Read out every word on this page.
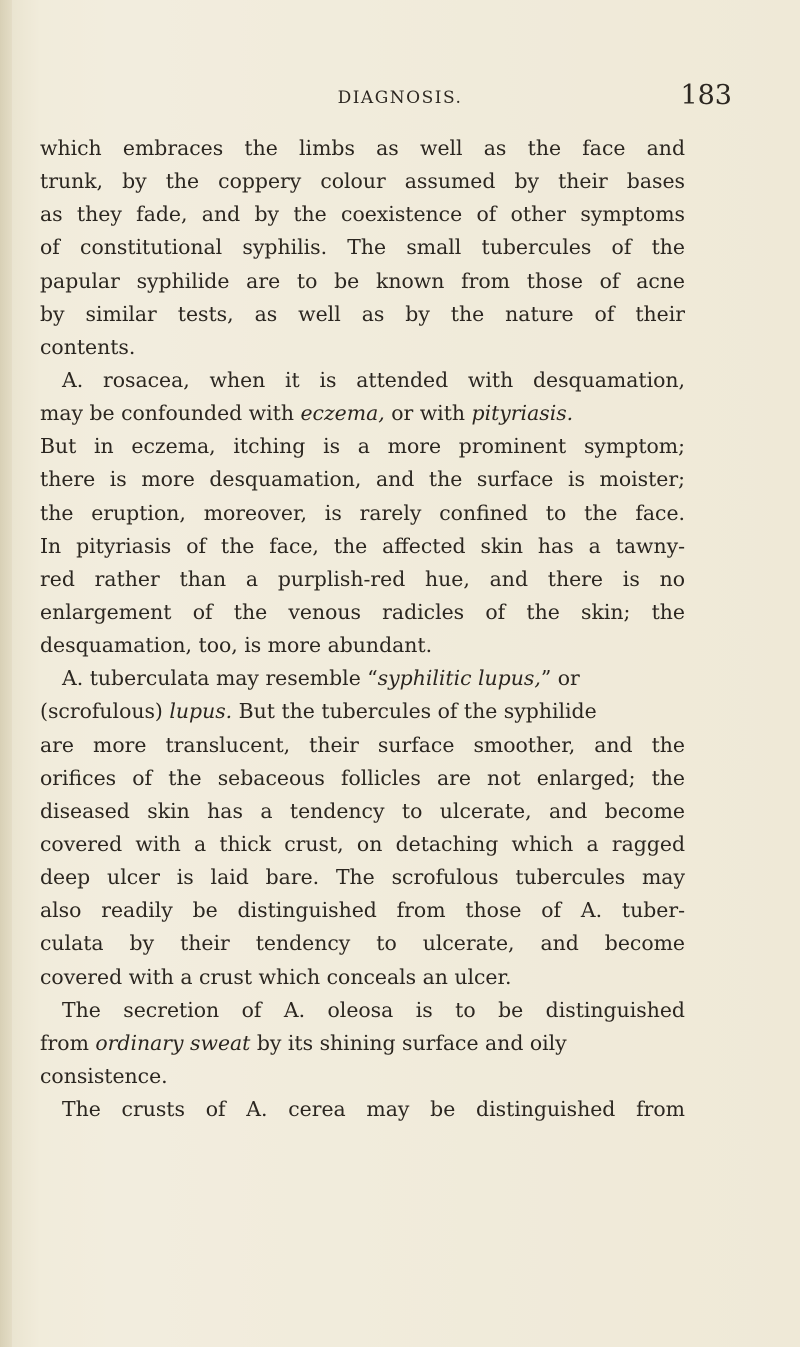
DIAGNOSIS.	183
which embraces the limbs as well as the face and
trunk, by the coppery colour assumed by their bases
as they fade, and by the coexistence of other symptoms
of constitutional syphilis. The small tubercules of the
papular syphilide are to be known from those of acne
by similar tests, as well as by the nature of their
contents.
A. rosacea, when it is attended with desquamation,
may be confounded with eczema, or with pityriasis.
But in eczema, itching is a more prominent symptom;
there is more desquamation, and the surface is moister;
the eruption, moreover, is rarely confined to the face.
In pityriasis of the face, the affected skin has a tawny-
red rather than a purplish-red hue, and there is no
enlargement of the venous radicles of the skin; the
desquamation, too, is more abundant.
A. tuberculata may resemble “syphilitic lupus,” or
(scrofulous) lupus. But the tubercules of the syphilide
are more translucent, their surface smoother, and the
orifices of the sebaceous follicles are not enlarged; the
diseased skin has a tendency to ulcerate, and become
covered with a thick crust, on detaching which a ragged
deep ulcer is laid bare. The scrofulous tubercules may
also readily be distinguished from those of A. tuber-
culata by their tendency to ulcerate, and become
covered with a crust which conceals an ulcer.
The secretion of A. oleosa is to be distinguished
from ordinary sweat by its shining surface and oily
consistence.
The crusts of A. cerea may be distinguished from
